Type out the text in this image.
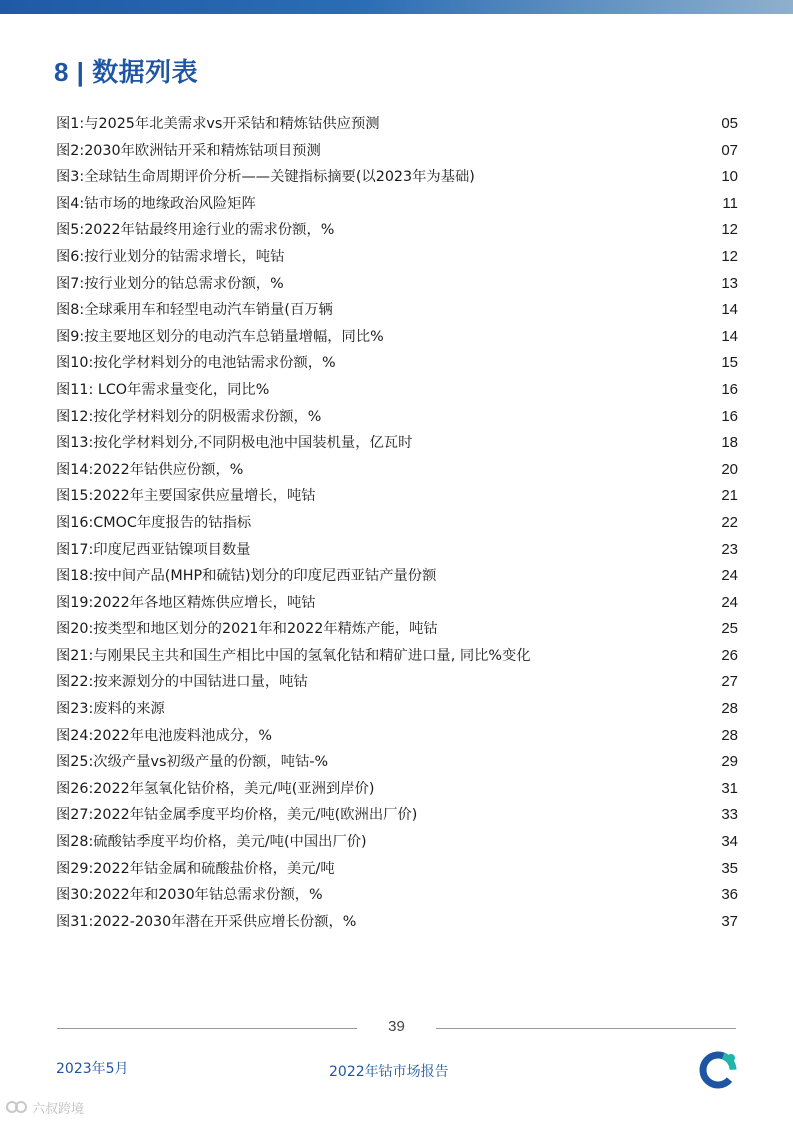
8 | 数据列表
图1:与2025年北美需求vs开采钴和精炼钴供应预测	05
图2:2030年欧洲钴开采和精炼钴项目预测	07
图3:全球钴生命周期评价分析——关键指标摘要(以2023年为基础)	10
图4:钴市场的地缘政治风险矩阵	11
图5:2022年钴最终用途行业的需求份额，%	12
图6:按行业划分的钴需求增长，吨钴	12
图7:按行业划分的钴总需求份额，%	13
图8:全球乘用车和轻型电动汽车销量(百万辆	14
图9:按主要地区划分的电动汽车总销量增幅，同比%	14
图10:按化学材料划分的电池钴需求份额，%	15
图11: LCO年需求量变化，同比%	16
图12:按化学材料划分的阴极需求份额，%	16
图13:按化学材料划分,不同阴极电池中国装机量，亿瓦时	18
图14:2022年钴供应份额，%	20
图15:2022年主要国家供应量增长，吨钴	21
图16:CMOC年度报告的钴指标	22
图17:印度尼西亚钴镍项目数量	23
图18:按中间产品(MHP和硫钴)划分的印度尼西亚钴产量份额	24
图19:2022年各地区精炼供应增长，吨钴	24
图20:按类型和地区划分的2021年和2022年精炼产能，吨钴	25
图21:与刚果民主共和国生产相比中国的氢氧化钴和精矿进口量, 同比%变化	26
图22:按来源划分的中国钴进口量，吨钴	27
图23:废料的来源	28
图24:2022年电池废料池成分，%	28
图25:次级产量vs初级产量的份额，吨钴-%	29
图26:2022年氢氧化钴价格，美元/吨(亚洲到岸价)	31
图27:2022年钴金属季度平均价格，美元/吨(欧洲出厂价)	33
图28:硫酸钴季度平均价格，美元/吨(中国出厂价)	34
图29:2022年钴金属和硫酸盐价格，美元/吨	35
图30:2022年和2030年钴总需求份额，%	36
图31:2022-2030年潜在开采供应增长份额，%	37
39
2023年5月	2022年钴市场报告
六叔跨境
